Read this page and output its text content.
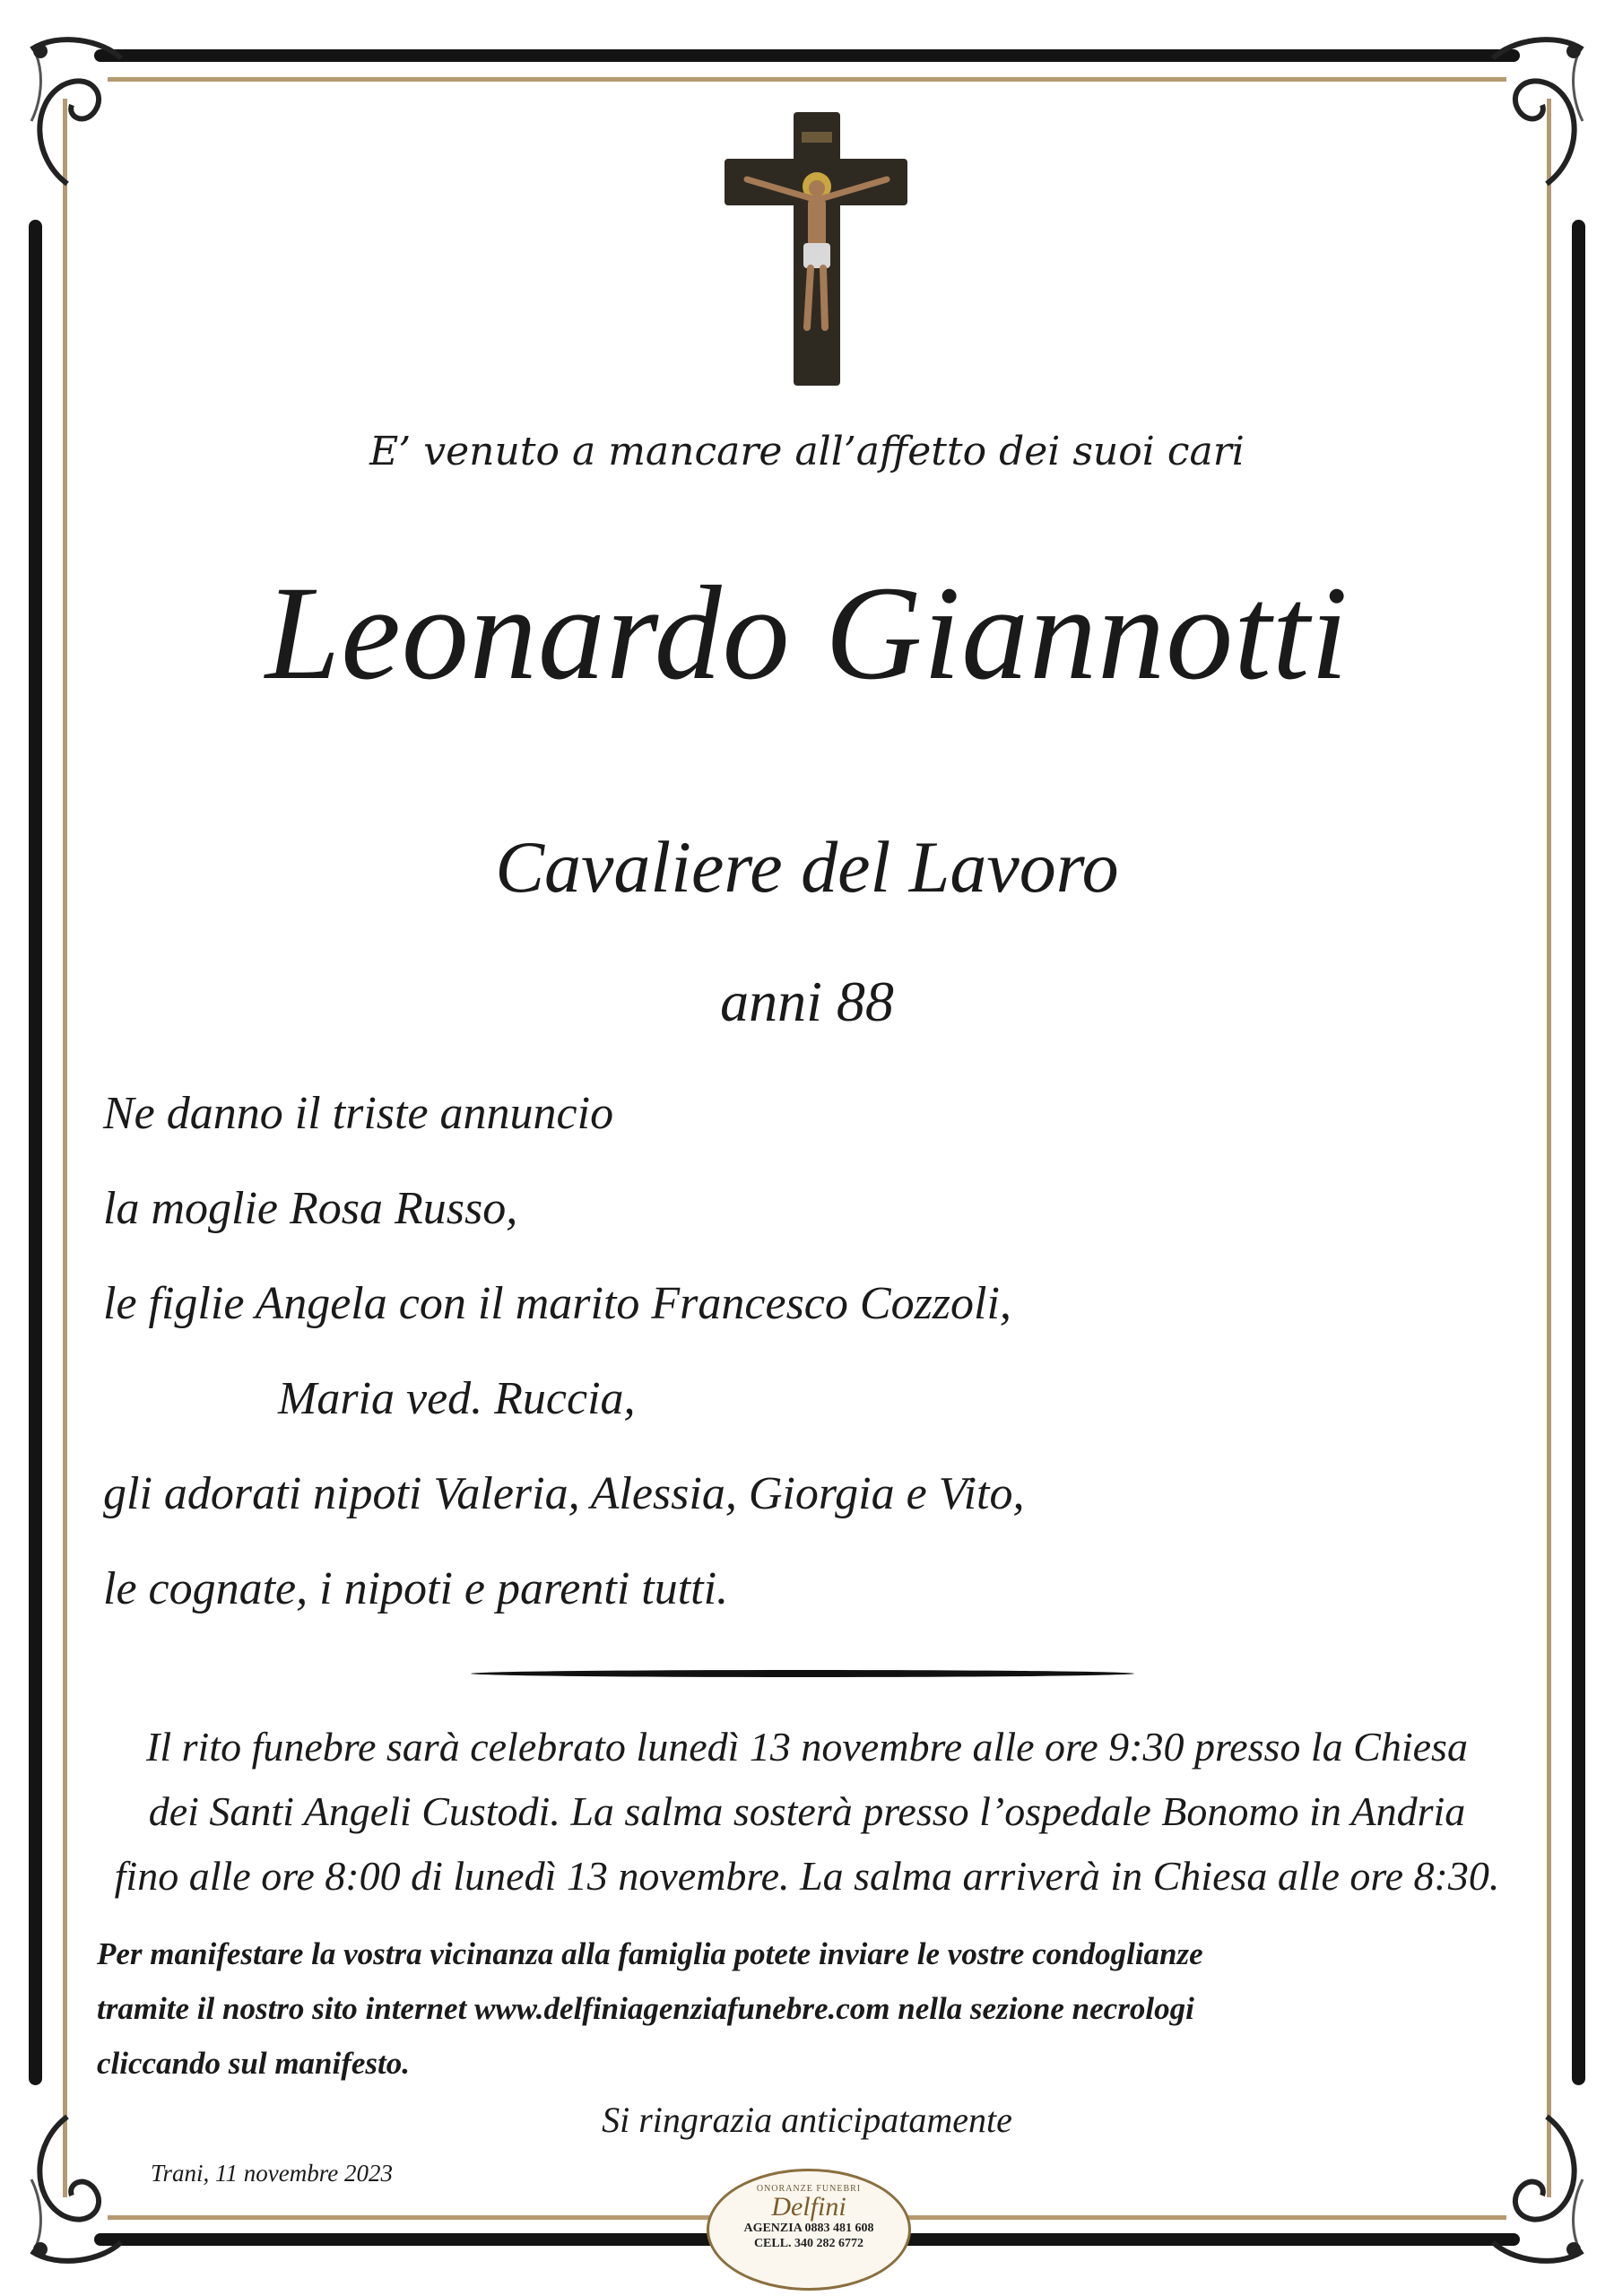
E’ venuto a mancare all’affetto dei suoi cari
Leonardo Giannotti
Cavaliere del Lavoro
anni 88
Ne danno il triste annuncio
la moglie Rosa Russo,
le figlie Angela con il marito Francesco Cozzoli,
Maria ved. Ruccia,
gli adorati nipoti Valeria, Alessia, Giorgia e Vito,
le cognate, i nipoti e parenti tutti.
Il rito funebre sarà celebrato lunedì 13 novembre alle ore 9:30 presso la Chiesa
dei Santi Angeli Custodi. La salma sosterà presso l’ospedale Bonomo in Andria
fino alle ore 8:00 di lunedì 13 novembre. La salma arriverà in Chiesa alle ore 8:30.
Per manifestare la vostra vicinanza alla famiglia potete inviare le vostre condoglianze
tramite il nostro sito internet www.delfiniagenziafunebre.com nella sezione necrologi
cliccando sul manifesto.
Si ringrazia anticipatamente
Trani, 11 novembre 2023
ONORANZE FUNEBRI
Delfini
AGENZIA 0883 481 608
CELL. 340 282 6772
